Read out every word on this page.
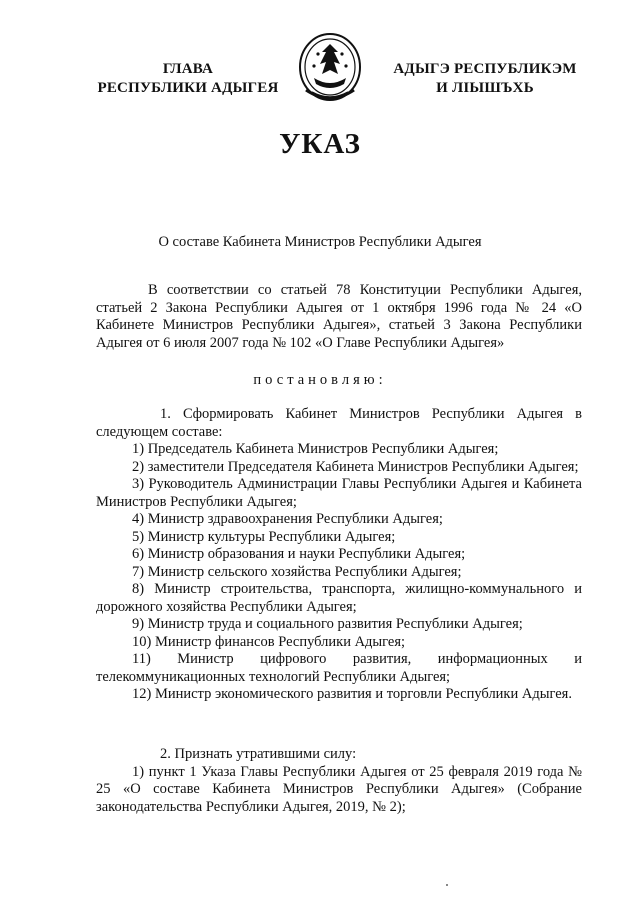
ГЛАВА
РЕСПУБЛИКИ АДЫГЕЯ
АДЫГЭ РЕСПУБЛИКЭМ
И ЛІЫШЪХЬ
УКАЗ
О составе Кабинета Министров Республики Адыгея
В соответствии со статьей 78 Конституции Республики Адыгея, статьей 2 Закона Республики Адыгея от 1 октября 1996 года № 24 «О Кабинете Министров Республики Адыгея», статьей 3 Закона Республики Адыгея от 6 июля 2007 года № 102 «О Главе Республики Адыгея»
постановляю:

1. Сформировать Кабинет Министров Республики Адыгея в следующем составе:

1) Председатель Кабинета Министров Республики Адыгея;

2) заместители Председателя Кабинета Министров Республики Адыгея;

3) Руководитель Администрации Главы Республики Адыгея и Кабинета Министров Республики Адыгея;

4) Министр здравоохранения Республики Адыгея;

5) Министр культуры Республики Адыгея;

6) Министр образования и науки Республики Адыгея;

7) Министр сельского хозяйства Республики Адыгея;

8) Министр строительства, транспорта, жилищно-коммунального и дорожного хозяйства Республики Адыгея;

9) Министр труда и социального развития Республики Адыгея;

10) Министр финансов Республики Адыгея;

11) Министр цифрового развития, информационных и телекоммуникационных технологий Республики Адыгея;

12) Министр экономического развития и торговли Республики Адыгея.

2. Признать утратившими силу:

1) пункт 1 Указа Главы Республики Адыгея от 25 февраля 2019 года № 25 «О составе Кабинета Министров Республики Адыгея» (Собрание законодательства Республики Адыгея, 2019, № 2);
